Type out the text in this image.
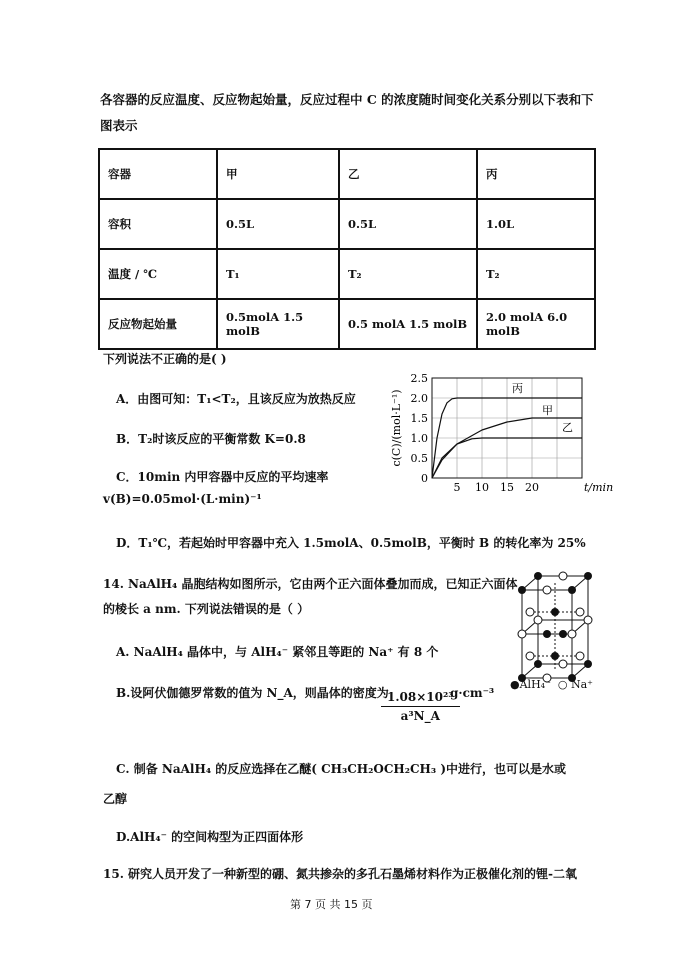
各容器的反应温度、反应物起始量，反应过程中 C 的浓度随时间变化关系分别以下表和下
图表示
容器	甲	乙	丙
容积	0.5L	0.5L	1.0L
温度 / ℃	T₁	T₂	T₂
反应物起始量	0.5molA 1.5 molB	0.5 molA 1.5 molB	2.0 molA 6.0 molB
下列说法不正确的是( )
A．由图可知：T₁<T₂，且该反应为放热反应
B．T₂时该反应的平衡常数 K=0.8
C．10min 内甲容器中反应的平均速率
v(B)=0.05mol·(L·min)⁻¹
D．T₁℃，若起始时甲容器中充入 1.5molA、0.5molB，平衡时 B 的转化率为 25%
0.5
1.0
1.5
2.0
2.5
0
5 10 15 20	t/min
c(C)/(mol·L⁻¹)
丙
甲
乙
14. NaAlH₄ 晶胞结构如图所示，它由两个正六面体叠加而成，已知正六面体
的棱长 a nm. 下列说法错误的是（ ）
A. NaAlH₄ 晶体中，与 AlH₄⁻ 紧邻且等距的 Na⁺ 有 8 个
B.设阿伏伽德罗常数的值为 N_A，则晶体的密度为
$\frac{\text{1.08×10²³}}{\text{a³N\_A}}$
g·cm⁻³
C. 制备 NaAlH₄ 的反应选择在乙醚( CH₃CH₂OCH₂CH₃ )中进行，也可以是水或
乙醇
D.AlH₄⁻ 的空间构型为正四面体形
●AlH₄⁻ ○ Na⁺
15. 研究人员开发了一种新型的硼、氮共掺杂的多孔石墨烯材料作为正极催化剂的锂-二氧
第 7 页 共 15 页
